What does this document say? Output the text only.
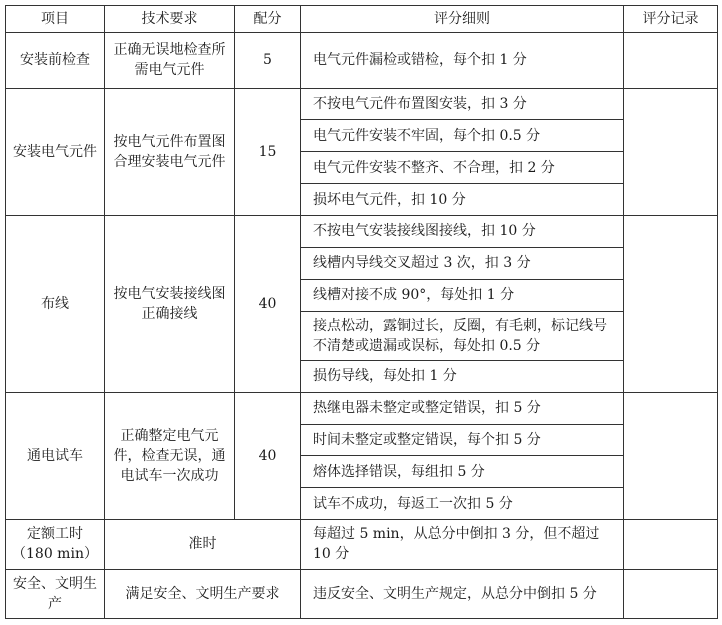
项目	技术要求	配分	评分细则	评分记录
安装前检查	正确无误地检查所需电气元件	5	电气元件漏检或错检，每个扣 1 分	
安装电气元件	按电气元件布置图合理安装电气元件	15	不按电气元件布置图安装，扣 3 分	
			电气元件安装不牢固，每个扣 0.5 分	
			电气元件安装不整齐、不合理，扣 2 分	
			损坏电气元件，扣 10 分	
布线	按电气安装接线图正确接线	40	不按电气安装接线图接线，扣 10 分	
			线槽内导线交叉超过 3 次，扣 3 分	
			线槽对接不成 90°，每处扣 1 分	
			接点松动，露铜过长，反圈，有毛刺，标记线号不清楚或遗漏或误标，每处扣 0.5 分	
			损伤导线，每处扣 1 分	
通电试车	正确整定电气元件，检查无误，通电试车一次成功	40	热继电器未整定或整定错误，扣 5 分	
			时间未整定或整定错误，每个扣 5 分	
			熔体选择错误，每组扣 5 分	
			试车不成功，每返工一次扣 5 分	
定额工时（180 min）	准时		每超过 5 min，从总分中倒扣 3 分，但不超过 10 分	
安全、文明生产	满足安全、文明生产要求		违反安全、文明生产规定，从总分中倒扣 5 分	
